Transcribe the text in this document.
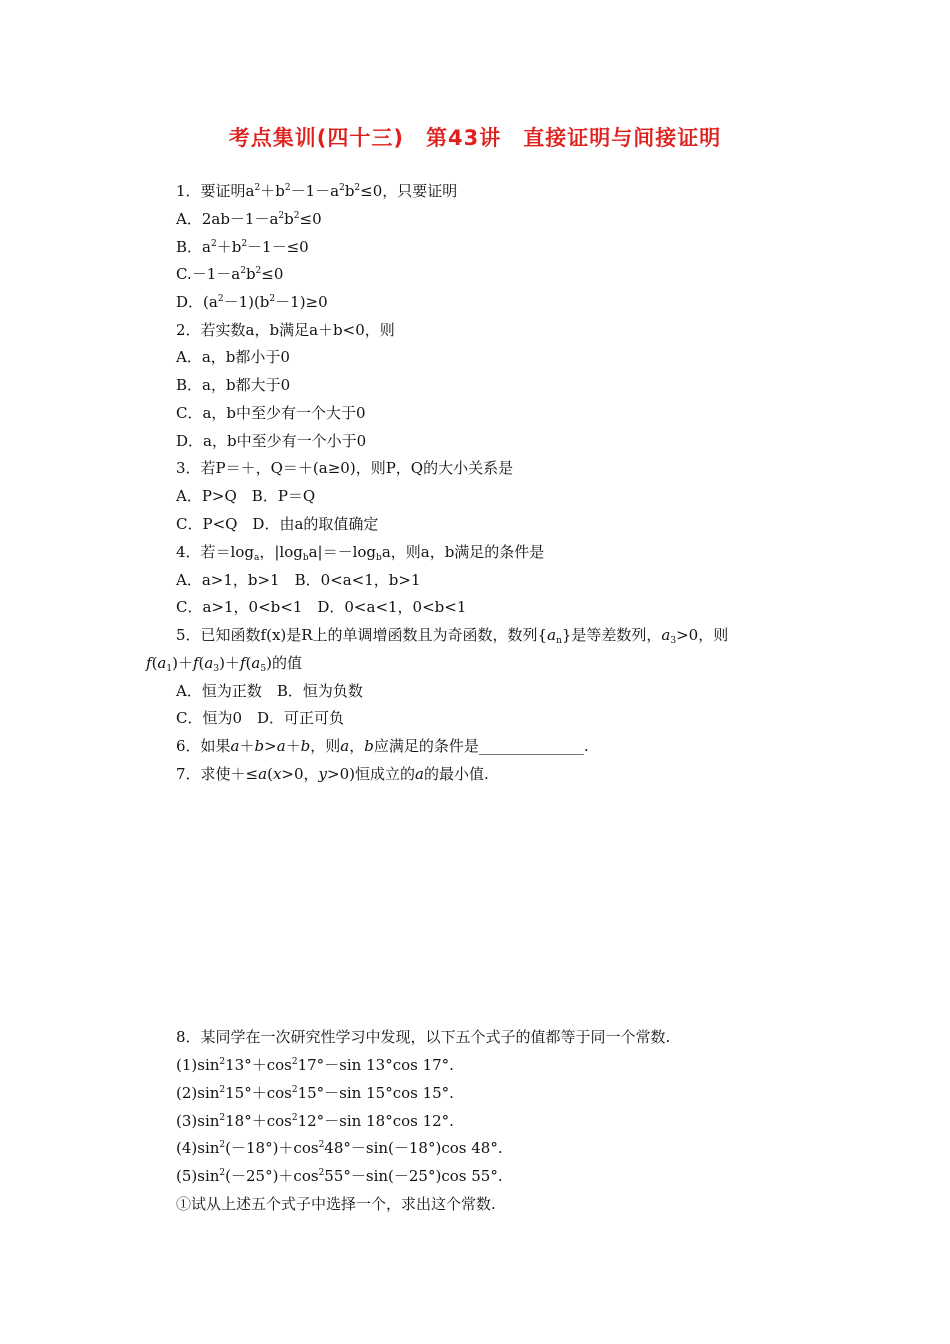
考点集训(四十三)　第43讲　直接证明与间接证明
1．要证明$a^2+b^2-1-a^2b^2\le 0$，只要证明
A．$2ab-1-a^2b^2\le 0$
B．$a^2+b^2-1-\le 0$
$C.-1-a^2b^2\le 0$
D．$(a^2-1)(b^2-1)\ge 0$
2．若实数a，b满足a＋b<0，则
A．a，b都小于0
B．a，b都大于0
C．a，b中至少有一个大于0
D．a，b中至少有一个小于0
3．若P＝＋，Q＝＋(a≥0)，则P，Q的大小关系是
A．P>Q　B．P＝Q
C．P<Q　D．由a的取值确定
4．若$=\log_a$，$|\log_ba|=-\log_ba$，则a，b满足的条件是
A．a>1，b>1　B．0<a<1，b>1
C．a>1，0<b<1　D．0<a<1，0<b<1
5．已知函数f(x)是R上的单调增函数且为奇函数，数列$\{a_n\}$是等差数列，$a_3>0$，则
$f(a_1)+f(a_3)+f(a_5)$的值
A．恒为正数　B．恒为负数
C．恒为0　D．可正可负
6．如果a＋b>a＋b，则a，b应满足的条件是______________.
7．求使＋≤a(x>0，y>0)恒成立的a的最小值.
8．某同学在一次研究性学习中发现，以下五个式子的值都等于同一个常数.
$(1)\sin^213^\circ+\cos^217^\circ-\sin$ 13°cos 17°.
$(2)\sin^215^\circ+\cos^215^\circ-\sin$ 15°cos 15°.
$(3)\sin^218^\circ+\cos^212^\circ-\sin$ 18°cos 12°.
$(4)\sin^2(-18^\circ)+\cos^248^\circ-\sin(-18^\circ)\cos$ 48°.
$(5)\sin^2(-25^\circ)+\cos^255^\circ-\sin(-25^\circ)\cos$ 55°.
①试从上述五个式子中选择一个，求出这个常数.
